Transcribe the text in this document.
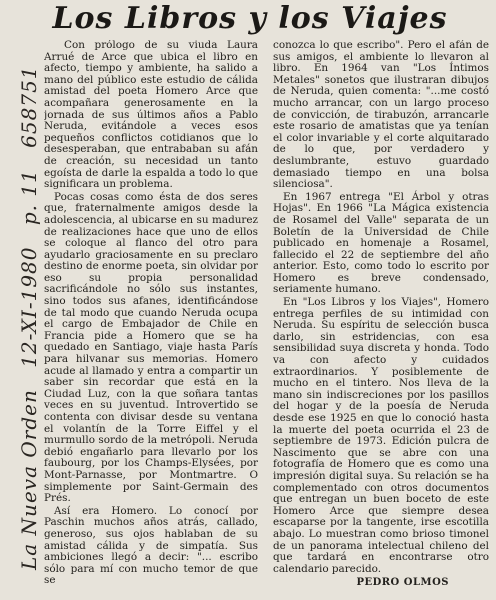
La Nueva Orden 12-XI-1980 p. 11 658751
Los Libros y los Viajes

Con prólogo de su viuda Laura Arrué de Arce que ubica el libro en afecto, tiempo y ambiente, ha salido a mano del público este estudio de cálida amistad del poeta Homero Arce que acompañara generosamente en la jornada de sus últimos años a Pablo Neruda, evitándole a veces esos pequeños conflictos cotidianos que lo desesperaban, que entrababan su afán de creación, su necesidad un tanto egoísta de darle la espalda a todo lo que significara un problema.

Pocas cosas como ésta de dos seres que, fraternalmente amigos desde la adolescencia, al ubicarse en su madurez de realizaciones hace que uno de ellos se coloque al flanco del otro para ayudarlo graciosamente en su preclaro destino de enorme poeta, sin olvidar por eso su propia personalidad sacrificándole no sólo sus instantes, sino todos sus afanes, identificándose de tal modo que cuando Neruda ocupa el cargo de Embajador de Chile en Francia pide a Homero que se ha quedado en Santiago, viaje hasta París para hilvanar sus memorias. Homero acude al llamado y entra a compartir un saber sin recordar que está en la Ciudad Luz, con la que soñara tantas veces en su juventud. Introvertido se contenta con divisar desde su ventana el volantín de la Torre Eiffel y el murmullo sordo de la metrópoli. Neruda debió engañarlo para llevarlo por los faubourg, por los Champs-Elysées, por Mont-Parnasse, por Montmartre. O simplemente por Saint-Germain des Prés.

Así era Homero. Lo conocí por Paschin muchos años atrás, callado, generoso, sus ojos hablaban de su amistad cálida y de simpatía. Sus ambiciones llegó a decir: "... escribo sólo para mí con mucho temor de que se

conozca lo que escribo". Pero el afán de sus amigos, el ambiente lo llevaron al libro. En 1964 van "Los Íntimos Metales" sonetos que ilustraran dibujos de Neruda, quien comenta: "...me costó mucho arrancar, con un largo proceso de convicción, de tirabuzón, arrancarle este rosario de amatistas que ya tenían el color invariable y el corte alquitarado de lo que, por verdadero y deslumbrante, estuvo guardado demasiado tiempo en una bolsa silenciosa".

En 1967 entrega "El Árbol y otras Hojas". En 1966 "La Mágica existencia de Rosamel del Valle" separata de un Boletín de la Universidad de Chile publicado en homenaje a Rosamel, fallecido el 22 de septiembre del año anterior. Esto, como todo lo escrito por Homero es breve condensado, seriamente humano.

En "Los Libros y los Viajes", Homero entrega perfiles de su intimidad con Neruda. Su espíritu de selección busca darlo, sin estridencias, con esa sensibilidad suya discreta y honda. Todo va con afecto y cuidados extraordinarios. Y posiblemente de mucho en el tintero. Nos lleva de la mano sin indiscreciones por los pasillos del hogar y de la poesía de Neruda desde ese 1925 en que lo conoció hasta la muerte del poeta ocurrida el 23 de septiembre de 1973. Edición pulcra de Nascimento que se abre con una fotografía de Homero que es como una impresión digital suya. Su relación se ha complementado con otros documentos que entregan un buen boceto de este Homero Arce que siempre desea escaparse por la tangente, irse escotilla abajo. Lo muestran como brioso timonel de un panorama intelectual chileno del que tardará en encontrarse otro calendario parecido.

PEDRO OLMOS
